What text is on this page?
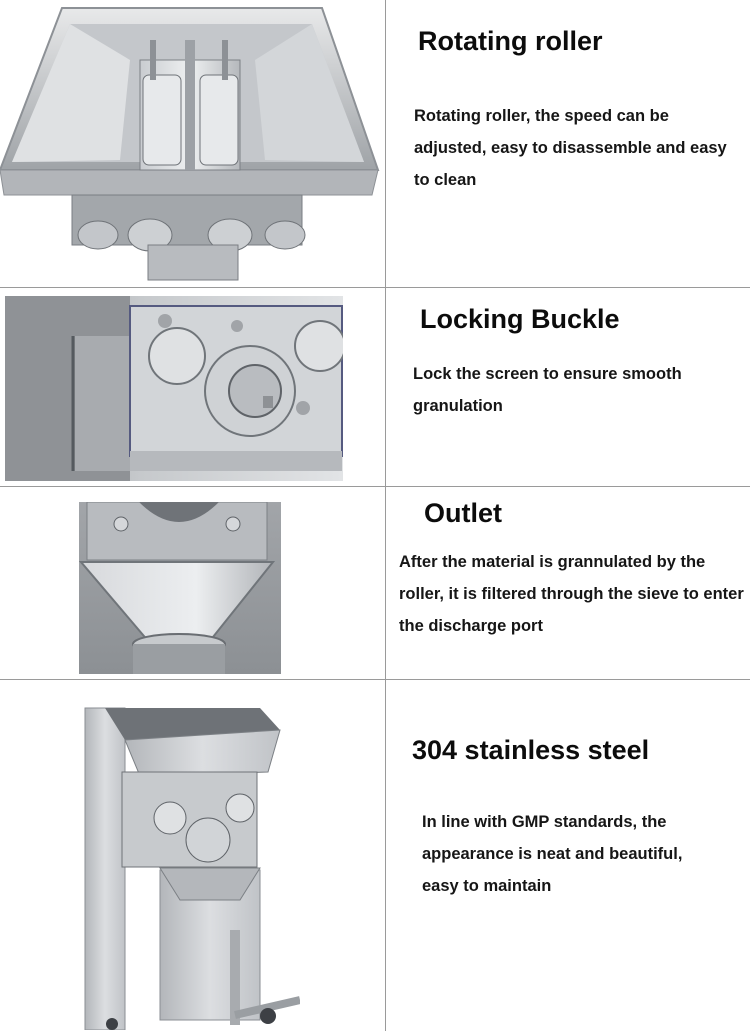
Rotating roller
Rotating roller, the speed can be adjusted, easy to disassemble and easy to clean
Locking Buckle
Lock the screen to ensure smooth granulation
Outlet
After the material is grannulated by the roller, it is filtered through the sieve to enter the discharge port
304 stainless steel
In line with GMP standards, the appearance is neat and beautiful, easy to maintain
